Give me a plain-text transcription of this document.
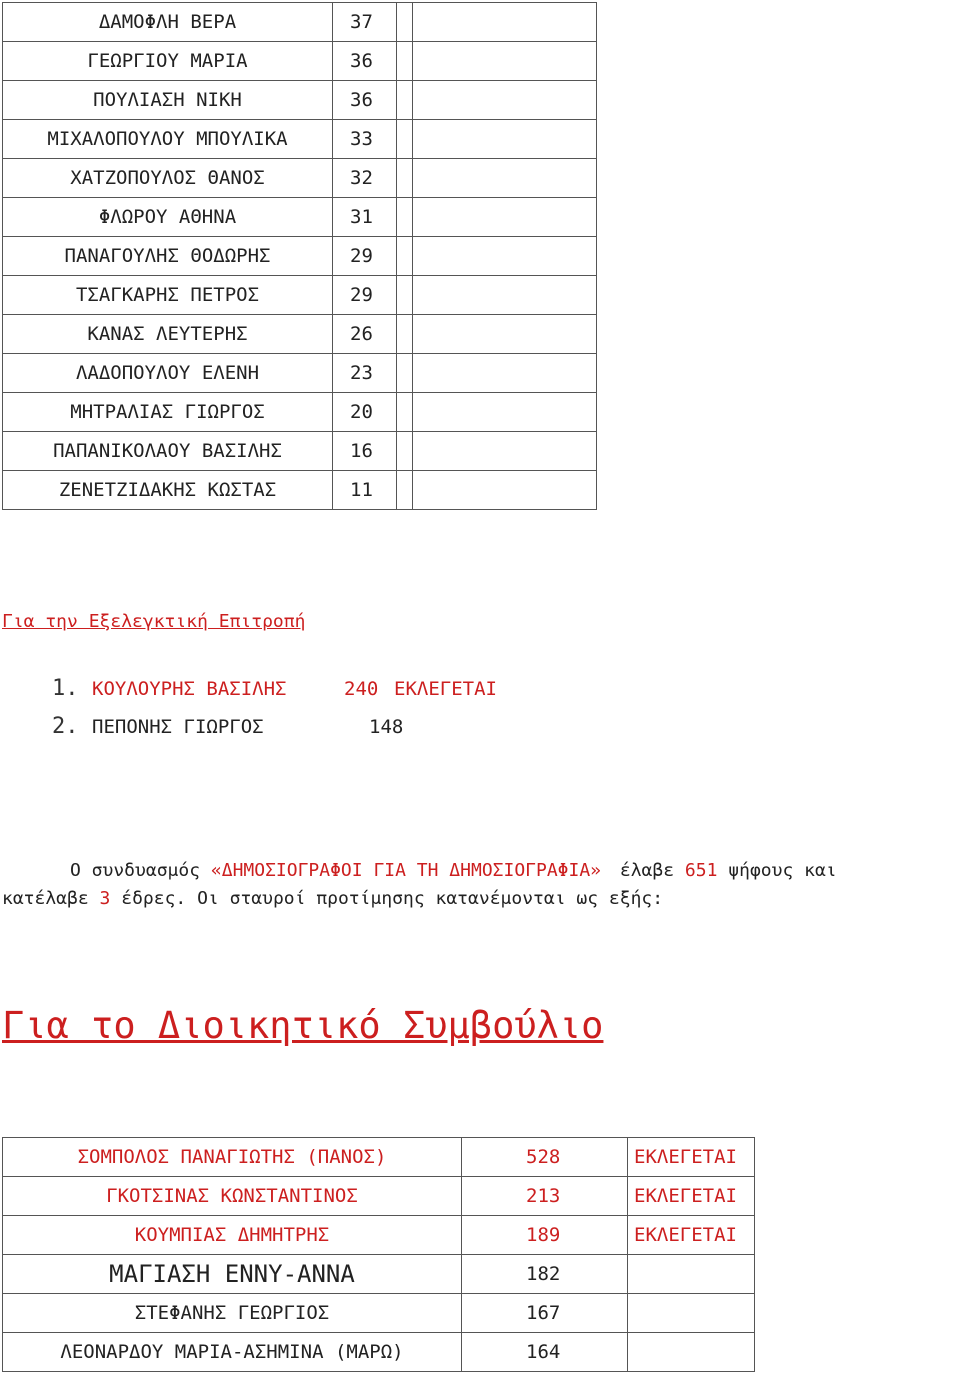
ΔΑΜΟΦΛΗ ΒΕΡΑ	37		
ΓΕΩΡΓΙΟΥ ΜΑΡΙΑ	36		
ΠΟΥΛΙΑΣΗ ΝΙΚΗ	36		
ΜΙΧΑΛΟΠΟΥΛΟΥ ΜΠΟΥΛΙΚΑ	33		
ΧΑΤΖΟΠΟΥΛΟΣ ΘΑΝΟΣ	32		
ΦΛΩΡΟΥ ΑΘΗΝΑ	31		
ΠΑΝΑΓΟΥΛΗΣ ΘΟΔΩΡΗΣ	29		
ΤΣΑΓΚΑΡΗΣ ΠΕΤΡΟΣ	29		
ΚΑΝΑΣ ΛΕΥΤΕΡΗΣ	26		
ΛΑΔΟΠΟΥΛΟΥ ΕΛΕΝΗ	23		
ΜΗΤΡΑΛΙΑΣ ΓΙΩΡΓΟΣ	20		
ΠΑΠΑΝΙΚΟΛΑΟΥ ΒΑΣΙΛΗΣ	16		
ΖΕΝΕΤΖΙΔΑΚΗΣ ΚΩΣΤΑΣ	11		
Για την Εξελεγκτική Επιτροπή
1. ΚΟΥΛΟΥΡΗΣ ΒΑΣΙΛΗΣ	240 ΕΚΛΕΓΕΤΑΙ
2. ΠΕΠΟΝΗΣ ΓΙΩΡΓΟΣ	148
Ο συνδυασμός «ΔΗΜΟΣΙΟΓΡΑΦΟΙ ΓΙΑ ΤΗ ΔΗΜΟΣΙΟΓΡΑΦΙΑ» έλαβε 651 ψήφους και
κατέλαβε 3 έδρες. Οι σταυροί προτίμησης κατανέμονται ως εξής:
Για το Διοικητικό Συμβούλιο
ΣΟΜΠΟΛΟΣ ΠΑΝΑΓΙΩΤΗΣ (ΠΑΝΟΣ)	528	ΕΚΛΕΓΕΤΑΙ
ΓΚΟΤΣΙΝΑΣ ΚΩΝΣΤΑΝΤΙΝΟΣ	213	ΕΚΛΕΓΕΤΑΙ
ΚΟΥΜΠΙΑΣ ΔΗΜΗΤΡΗΣ	189	ΕΚΛΕΓΕΤΑΙ
ΜΑΓΙΑΣΗ ΕΝΝΥ-ΑΝΝΑ	182	
ΣΤΕΦΑΝΗΣ ΓΕΩΡΓΙΟΣ	167	
ΛΕΟΝΑΡΔΟΥ ΜΑΡΙΑ-ΑΣΗΜΙΝΑ (ΜΑΡΩ)	164	
